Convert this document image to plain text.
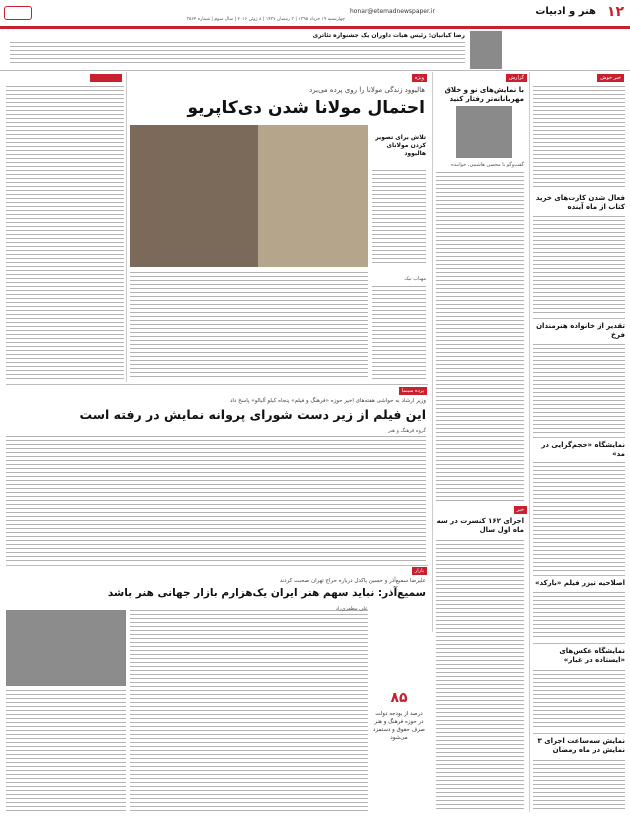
۱۲
هنر و ادبیات
honar@etemadnewspaper.ir
چهارشنبه ۱۹ خرداد ۱۳۹۵ | ۳ رمضان ۱۴۳۷ | ۸ ژوئن ۲۰۱۶ | سال سوم | شماره ۳۵۶۴
رضا کیانیان: رئیس هیات داوران یک جشنواره تئاتری
خبر خوش
فعال شدن کارت‌های خرید کتاب از ماه آینده
تقدیر از خانواده هنرمندان فرخ
نمایشگاه «حجم‌گرایی در مد»
اصلاحیه تیزر فیلم «بارکد»
نمایشگاه عکس‌های «ایستاده در غبار»
نمایش سه‌ساعت اجرای ۳ نمایش در ماه رمضان
گزارش
با نمایش‌های نو و خلاق مهربانانه‌تر رفتار کنید
گفت‌وگو با محسن هاشمی، خواننده
خبر
اجرای ۱۶۲ کنسرت در سه ماه اول سال
ویژه
هالیوود زندگی مولانا را روی پرده می‌برد
احتمال مولانا شدن دی‌کاپریو
تلاش برای تصویر کردن مولانای هالیوود
مهتاب نیک
پرده سینما
وزیر ارشاد به حواشی هفته‌های اخیر حوزه «فرهنگ و فیلم» پنجاه کیلو آلبالو» پاسخ داد
این فیلم از زیر دست شورای پروانه نمایش در رفته است
گروه فرهنگ و هنر
بازار
علیرضا سمیع‌آذر و حسین پاکدل درباره حراج تهران صحبت کردند
سمیع‌آذر: نباید سهم هنر ایران یک‌هزارم بازار جهانی هنر باشد
علی مظفری‌راد
۸۵
درصد از بودجه دولت در حوزه فرهنگ و هنر صرف حقوق و دستمزد می‌شود
